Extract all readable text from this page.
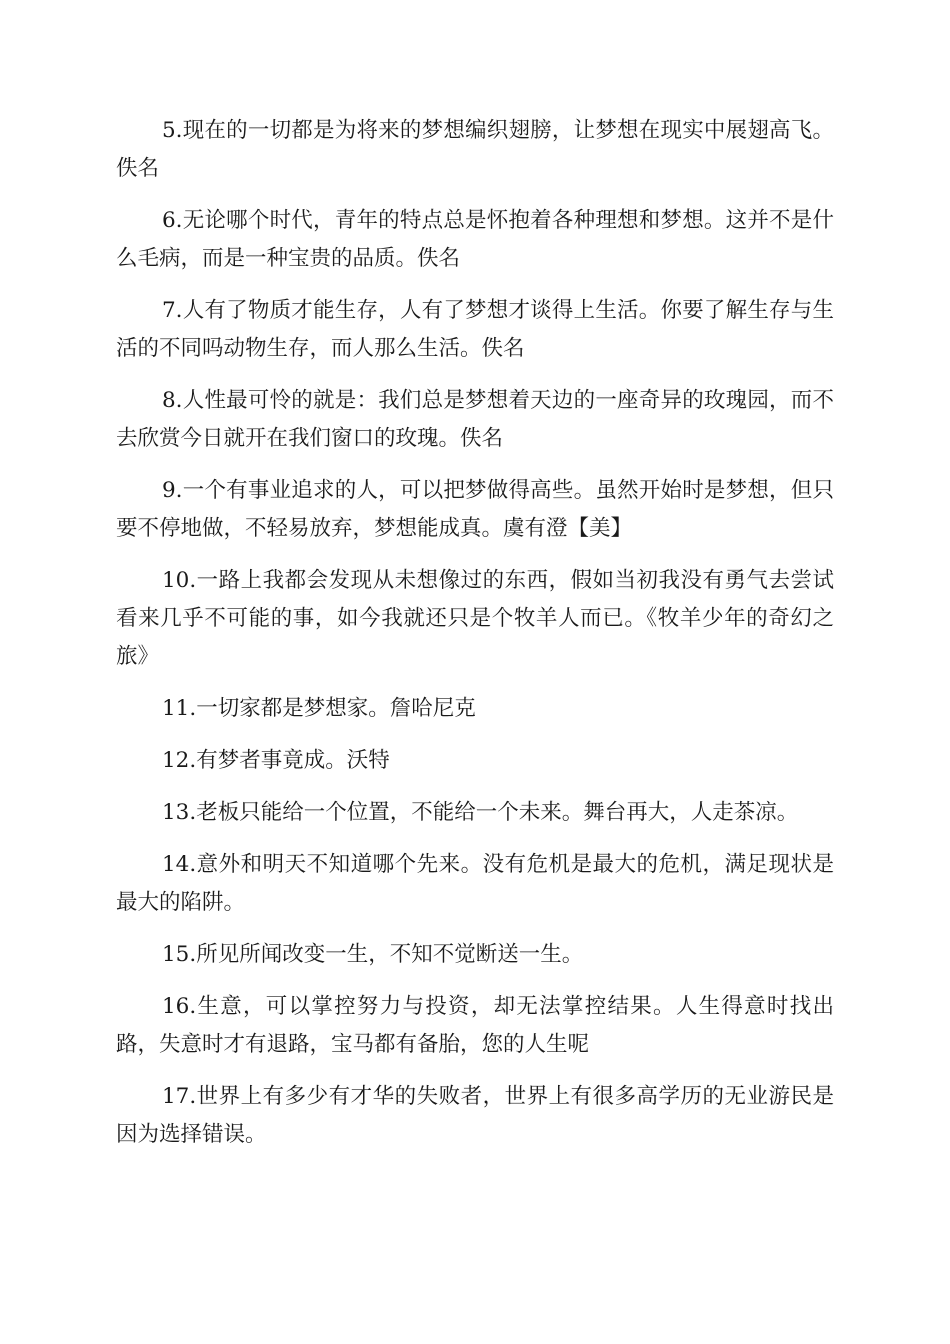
5.现在的一切都是为将来的梦想编织翅膀，让梦想在现实中展翅高飞。佚名

6.无论哪个时代，青年的特点总是怀抱着各种理想和梦想。这并不是什么毛病，而是一种宝贵的品质。佚名

7.人有了物质才能生存，人有了梦想才谈得上生活。你要了解生存与生活的不同吗动物生存，而人那么生活。佚名

8.人性最可怜的就是：我们总是梦想着天边的一座奇异的玫瑰园，而不去欣赏今日就开在我们窗口的玫瑰。佚名

9.一个有事业追求的人，可以把梦做得高些。虽然开始时是梦想，但只要不停地做，不轻易放弃，梦想能成真。虞有澄【美】

10.一路上我都会发现从未想像过的东西，假如当初我没有勇气去尝试看来几乎不可能的事，如今我就还只是个牧羊人而已。《牧羊少年的奇幻之旅》

11.一切家都是梦想家。詹哈尼克

12.有梦者事竟成。沃特

13.老板只能给一个位置，不能给一个未来。舞台再大，人走茶凉。

14.意外和明天不知道哪个先来。没有危机是最大的危机，满足现状是最大的陷阱。

15.所见所闻改变一生，不知不觉断送一生。

16.生意，可以掌控努力与投资，却无法掌控结果。人生得意时找出路，失意时才有退路，宝马都有备胎，您的人生呢

17.世界上有多少有才华的失败者，世界上有很多高学历的无业游民是因为选择错误。
